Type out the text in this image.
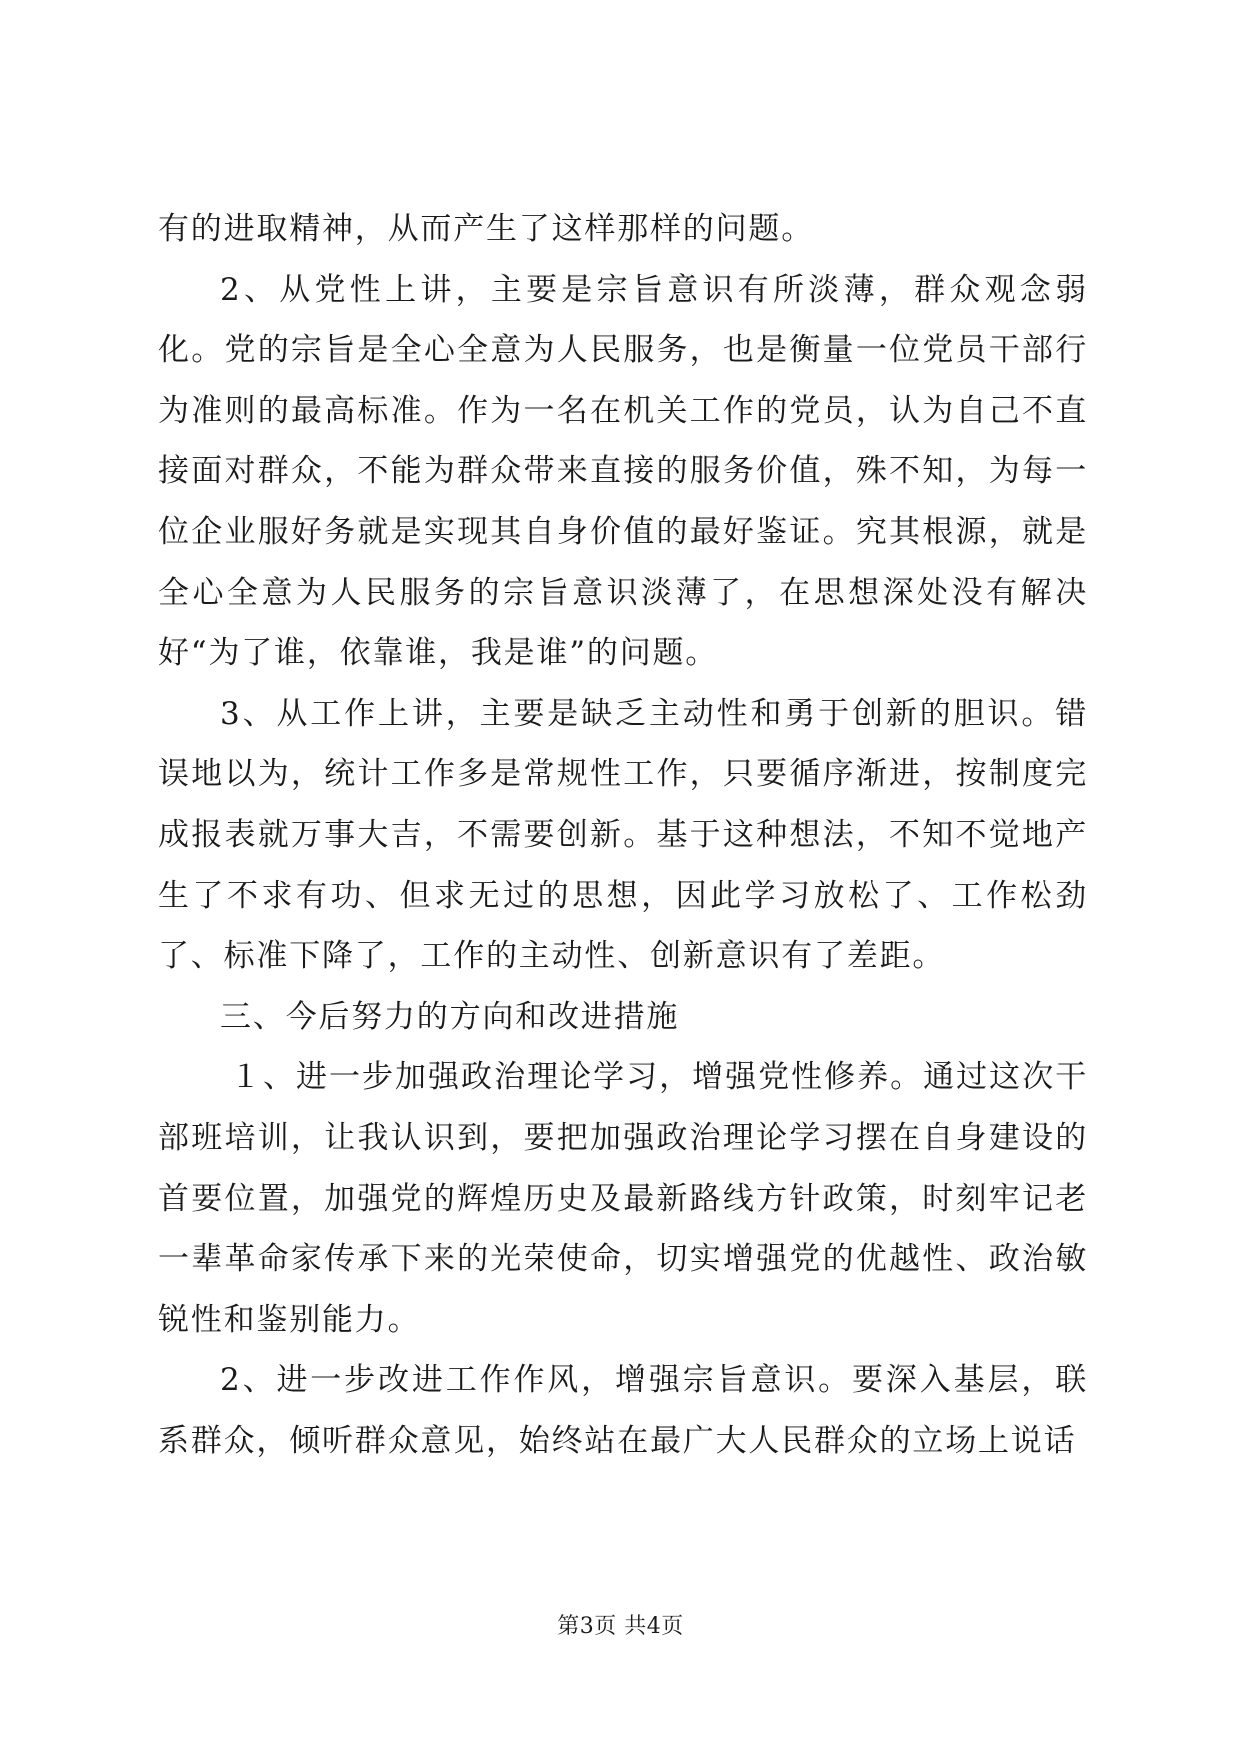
有的进取精神，从而产生了这样那样的问题。

2、从党性上讲，主要是宗旨意识有所淡薄，群众观念弱化。党的宗旨是全心全意为人民服务，也是衡量一位党员干部行为准则的最高标准。作为一名在机关工作的党员，认为自己不直接面对群众，不能为群众带来直接的服务价值，殊不知，为每一位企业服好务就是实现其自身价值的最好鉴证。究其根源，就是全心全意为人民服务的宗旨意识淡薄了，在思想深处没有解决好“为了谁，依靠谁，我是谁”的问题。

3、从工作上讲，主要是缺乏主动性和勇于创新的胆识。错误地以为，统计工作多是常规性工作，只要循序渐进，按制度完成报表就万事大吉，不需要创新。基于这种想法，不知不觉地产生了不求有功、但求无过的思想，因此学习放松了、工作松劲了、标准下降了，工作的主动性、创新意识有了差距。

三、今后努力的方向和改进措施

１、进一步加强政治理论学习，增强党性修养。通过这次干部班培训，让我认识到，要把加强政治理论学习摆在自身建设的首要位置，加强党的辉煌历史及最新路线方针政策，时刻牢记老一辈革命家传承下来的光荣使命，切实增强党的优越性、政治敏锐性和鉴别能力。

2、进一步改进工作作风，增强宗旨意识。要深入基层，联系群众，倾听群众意见，始终站在最广大人民群众的立场上说话

第3页 共4页
